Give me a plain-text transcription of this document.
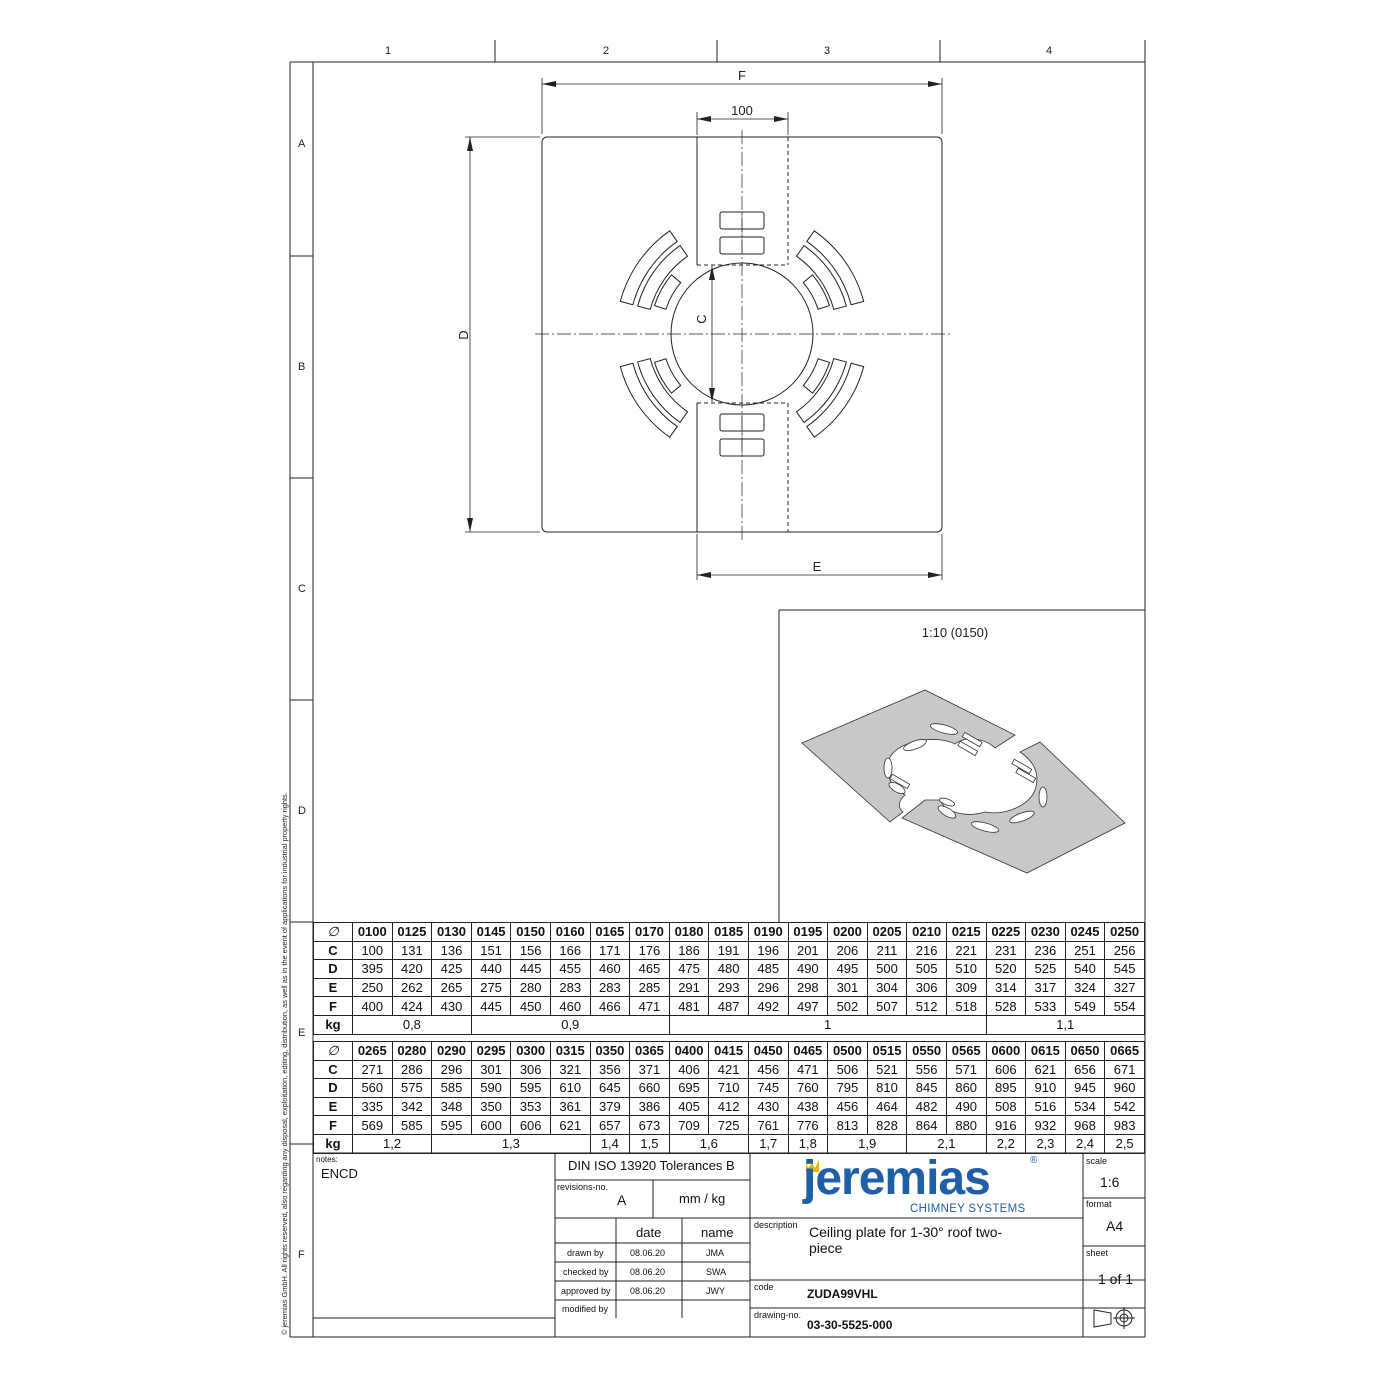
1	2	3	4
A
B
C
D
E
F
F
100
D
C
E
1:10 (0150)
© jeremias GmbH. All rights reserved, also regarding any disposal, exploitation, editing, distribution, as well as in the event of applications for industrial property rights.	∅	0100	0125	0130	0145	0150	0160	0165	0170	0180	0185	0190	0195	0200	0205	0210	0215	0225	0230	0245	0250
C	100	131	136	151	156	166	171	176	186	191	196	201	206	211	216	221	231	236	251	256
D	395	420	425	440	445	455	460	465	475	480	485	490	495	500	505	510	520	525	540	545
E	250	262	265	275	280	283	283	285	291	293	296	298	301	304	306	309	314	317	324	327
F	400	424	430	445	450	460	466	471	481	487	492	497	502	507	512	518	528	533	549	554
kg	0,8			0,9					1								1,1			
∅	0265	0280	0290	0295	0300	0315	0350	0365	0400	0415	0450	0465	0500	0515	0550	0565	0600	0615	0650	0665
C	271	286	296	301	306	321	356	371	406	421	456	471	506	521	556	571	606	621	656	671
D	560	575	585	590	595	610	645	660	695	710	745	760	795	810	845	860	895	910	945	960
E	335	342	348	350	353	361	379	386	405	412	430	438	456	464	482	490	508	516	534	542
F	569	585	595	600	606	621	657	673	709	725	761	776	813	828	864	880	916	932	968	983
kg	1,2		1,3				1,4	1,5	1,6		1,7	1,8	1,9		2,1		2,2	2,3	2,4	2,5
notes:
ENCD
DIN ISO 13920 Tolerances B
revisions-no.
A	mm / kg
date	name
drawn by	08.06.20	JMA
checked by 08.06.20	SWA
approved by 08.06.20	JWY
modified by
jeremias	®
CHIMNEY SYSTEMS
description Ceiling plate for 1-30° roof two-
piece
code	ZUDA99VHL
drawing-no.
03-30-5525-000
scale
1:6
format
A4
sheet
1 of 1
